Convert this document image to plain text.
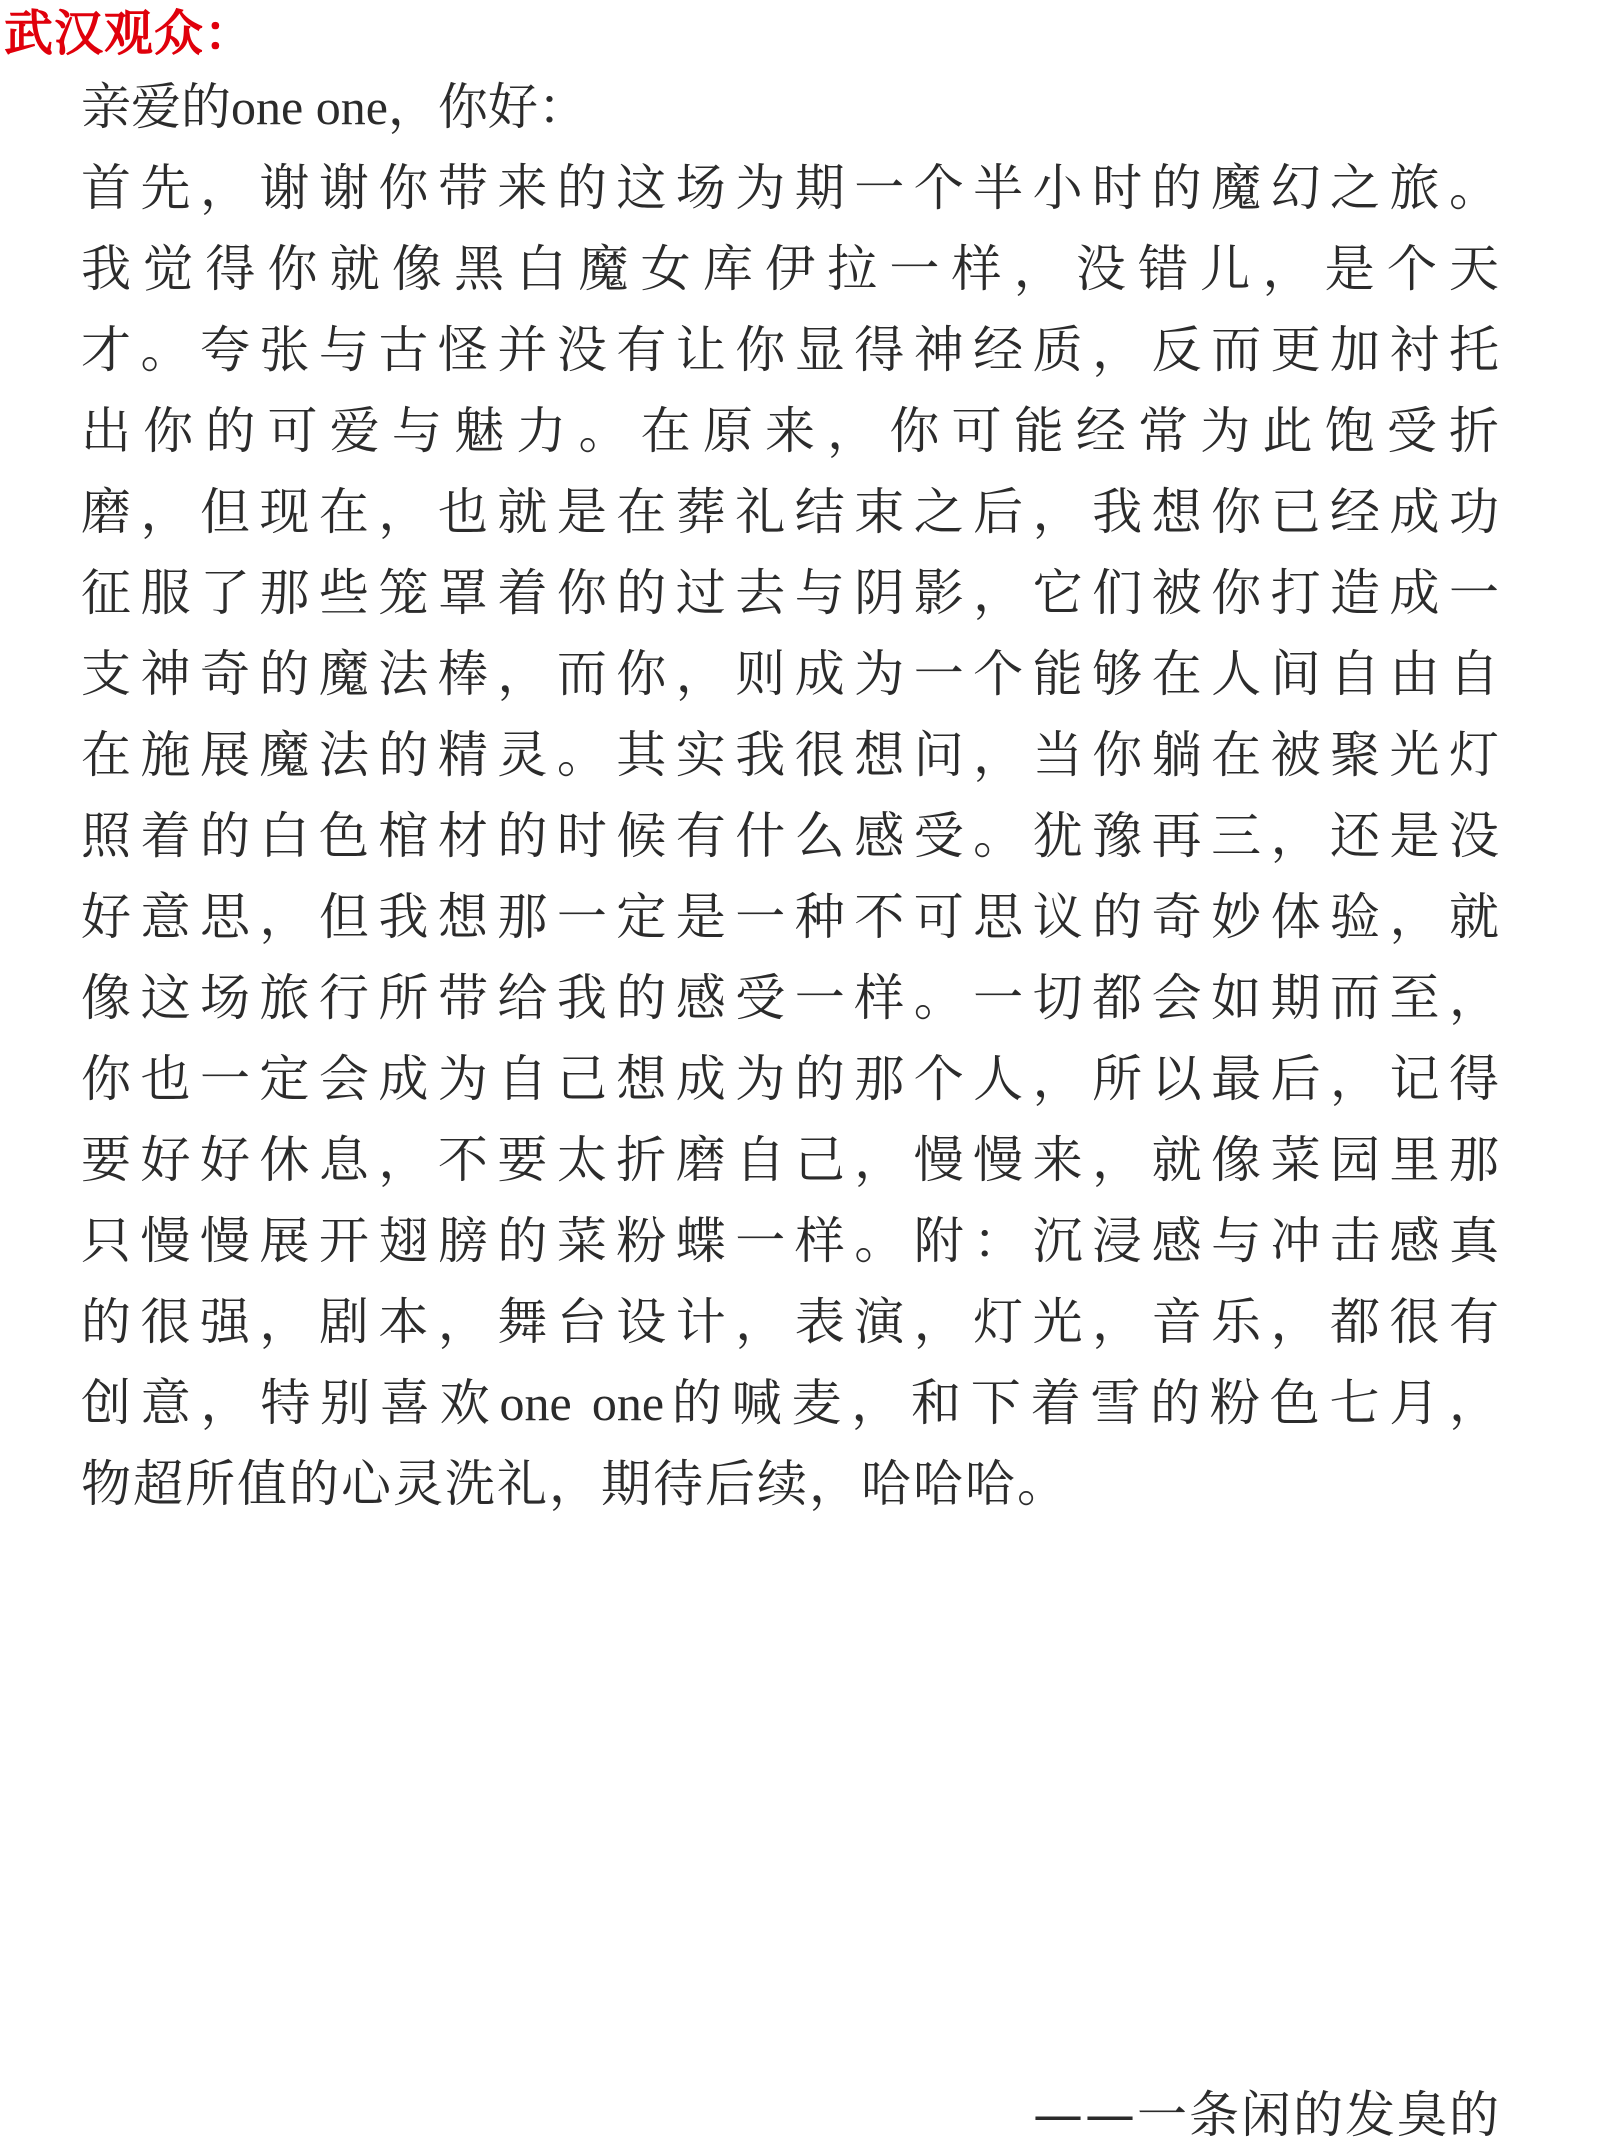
武汉观众：

亲爱的one one，你好：

首先，谢谢你带来的这场为期一个半小时的魔幻之旅。

我觉得你就像黑白魔女库伊拉一样，没错儿，是个天

才。夸张与古怪并没有让你显得神经质，反而更加衬托

出你的可爱与魅力。在原来，你可能经常为此饱受折

磨，但现在，也就是在葬礼结束之后，我想你已经成功

征服了那些笼罩着你的过去与阴影，它们被你打造成一

支神奇的魔法棒，而你，则成为一个能够在人间自由自

在施展魔法的精灵。其实我很想问，当你躺在被聚光灯

照着的白色棺材的时候有什么感受。犹豫再三，还是没

好意思，但我想那一定是一种不可思议的奇妙体验，就

像这场旅行所带给我的感受一样。一切都会如期而至，

你也一定会成为自己想成为的那个人，所以最后，记得

要好好休息，不要太折磨自己，慢慢来，就像菜园里那

只慢慢展开翅膀的菜粉蝶一样。附：沉浸感与冲击感真

的很强，剧本，舞台设计，表演，灯光，音乐，都很有

创意，特别喜欢one one的喊麦，和下着雪的粉色七月，

物超所值的心灵洗礼，期待后续，哈哈哈。

——一条闲的发臭的
